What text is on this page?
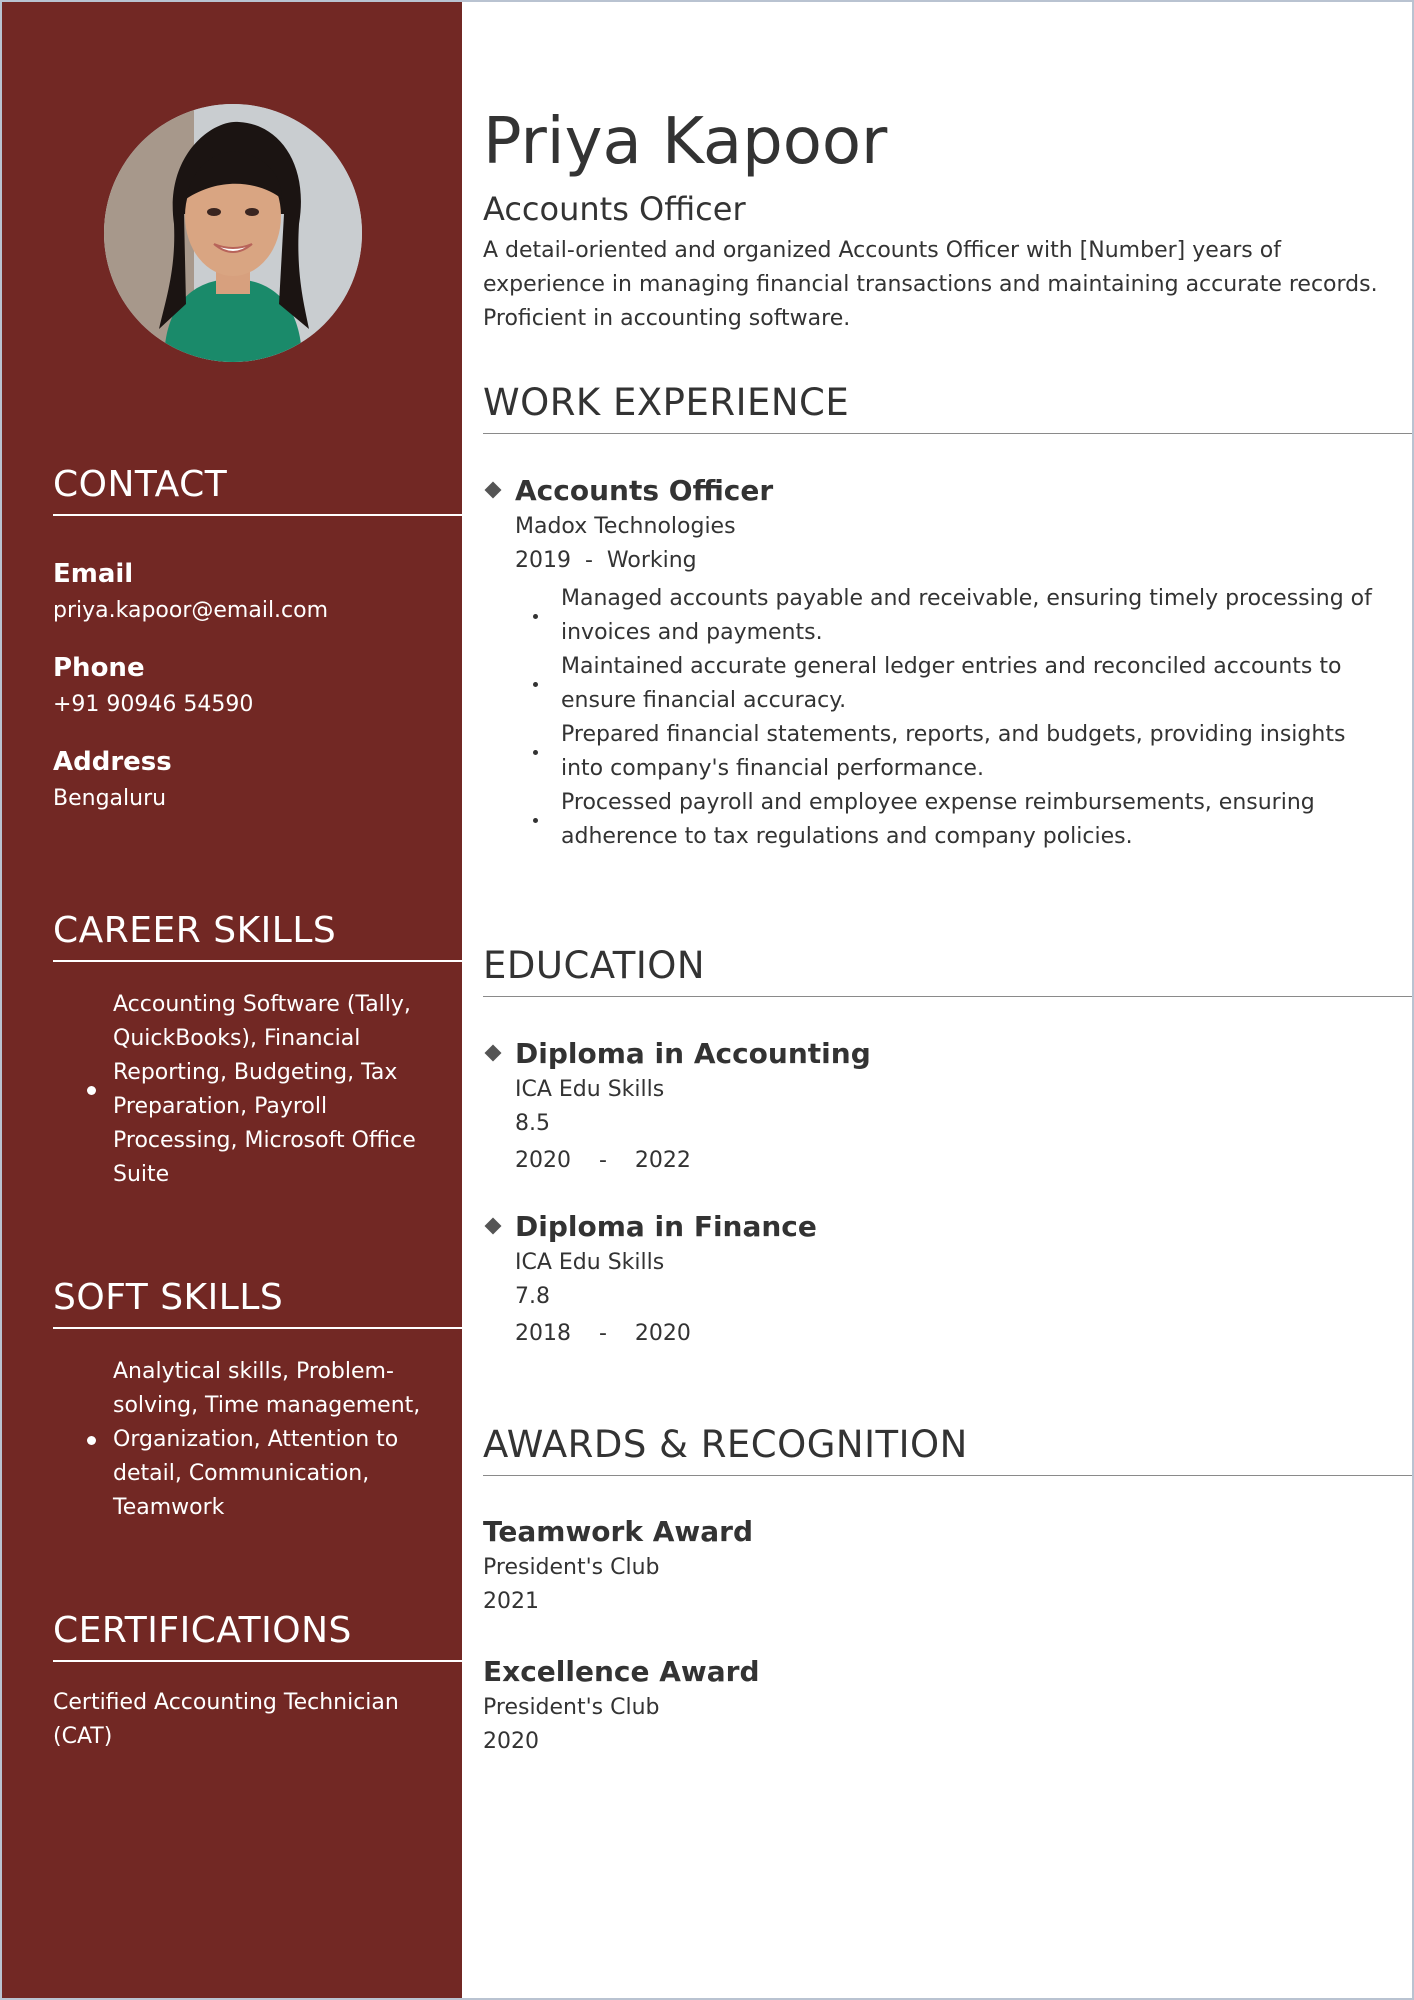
CONTACT

Email

priya.kapoor@email.com

Phone

+91 90946 54590

Address

Bengaluru

CAREER SKILLS
Accounting Software (Tally, QuickBooks), Financial Reporting, Budgeting, Tax Preparation, Payroll Processing, Microsoft Office Suite
SOFT SKILLS
Analytical skills, Problem-solving, Time management, Organization, Attention to detail, Communication, Teamwork
CERTIFICATIONS
Certified Accounting Technician (CAT)
Priya Kapoor
Accounts Officer

A detail-oriented and organized Accounts Officer with [Number] years of experience in managing financial transactions and maintaining accurate records. Proficient in accounting software.

WORK EXPERIENCE

Accounts Officer

Madox Technologies

2019  -  Working

Managed accounts payable and receivable, ensuring timely processing of invoices and payments.
Maintained accurate general ledger entries and reconciled accounts to ensure financial accuracy.
Prepared financial statements, reports, and budgets, providing insights into company's financial performance.
Processed payroll and employee expense reimbursements, ensuring adherence to tax regulations and company policies.
EDUCATION

Diploma in Accounting

ICA Edu Skills

8.5

2020    -    2022

Diploma in Finance

ICA Edu Skills

7.8

2018    -    2020

AWARDS & RECOGNITION

Teamwork Award

President's Club

2021

Excellence Award

President's Club

2020
